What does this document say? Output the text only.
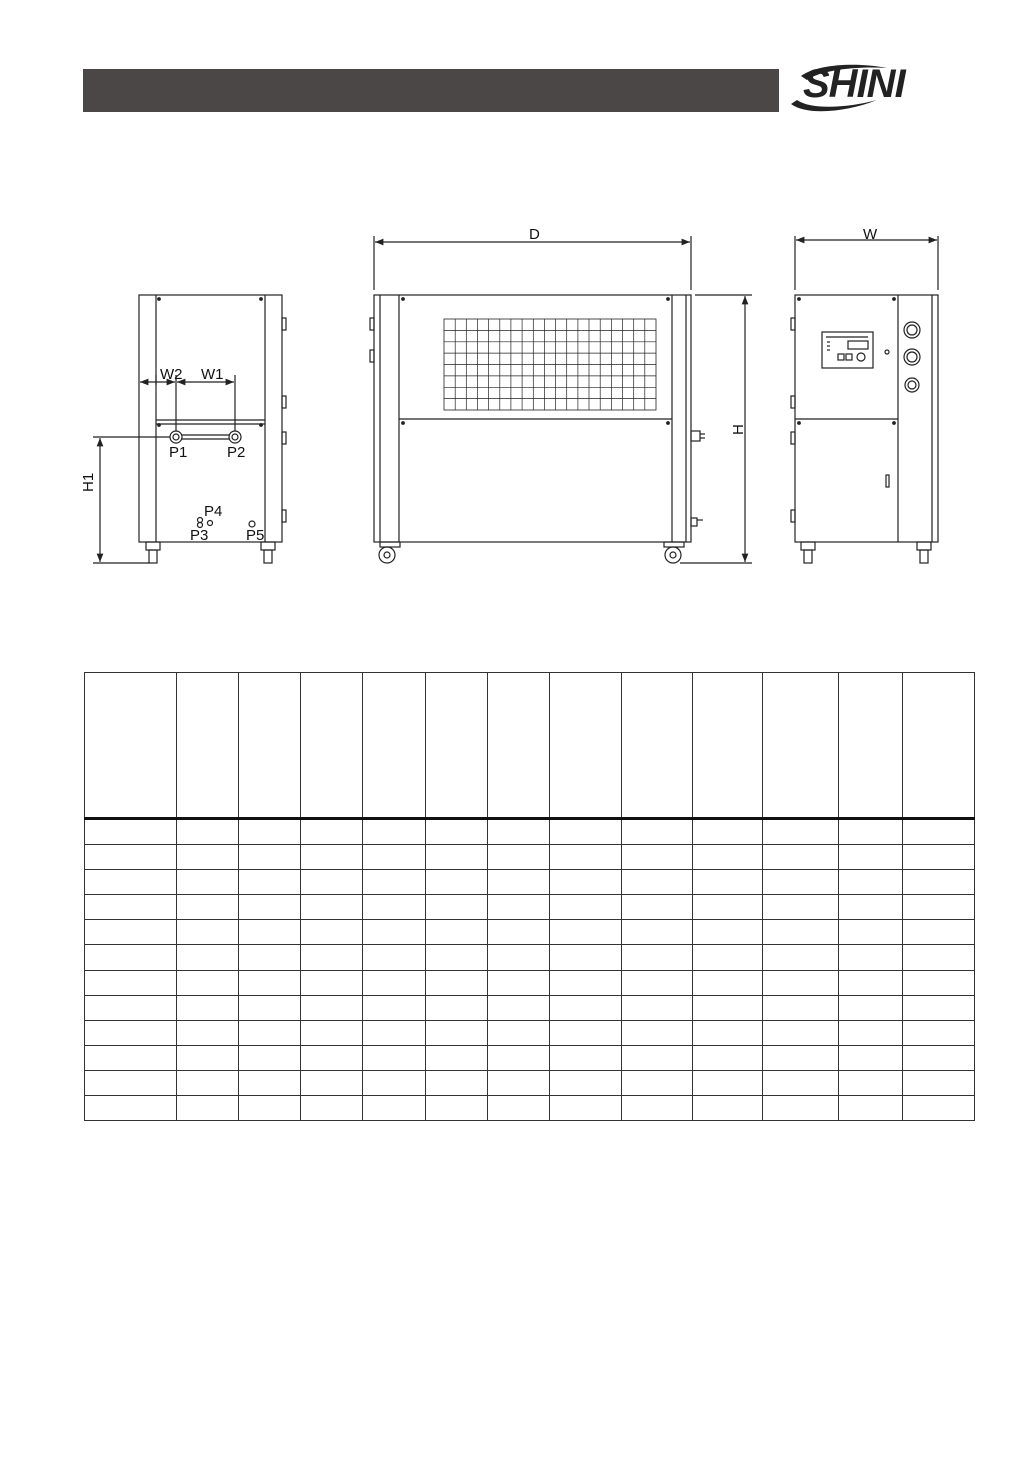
SHINI
W2 W1
P1	P2
H1
P4
P3	P5
D
H
W
